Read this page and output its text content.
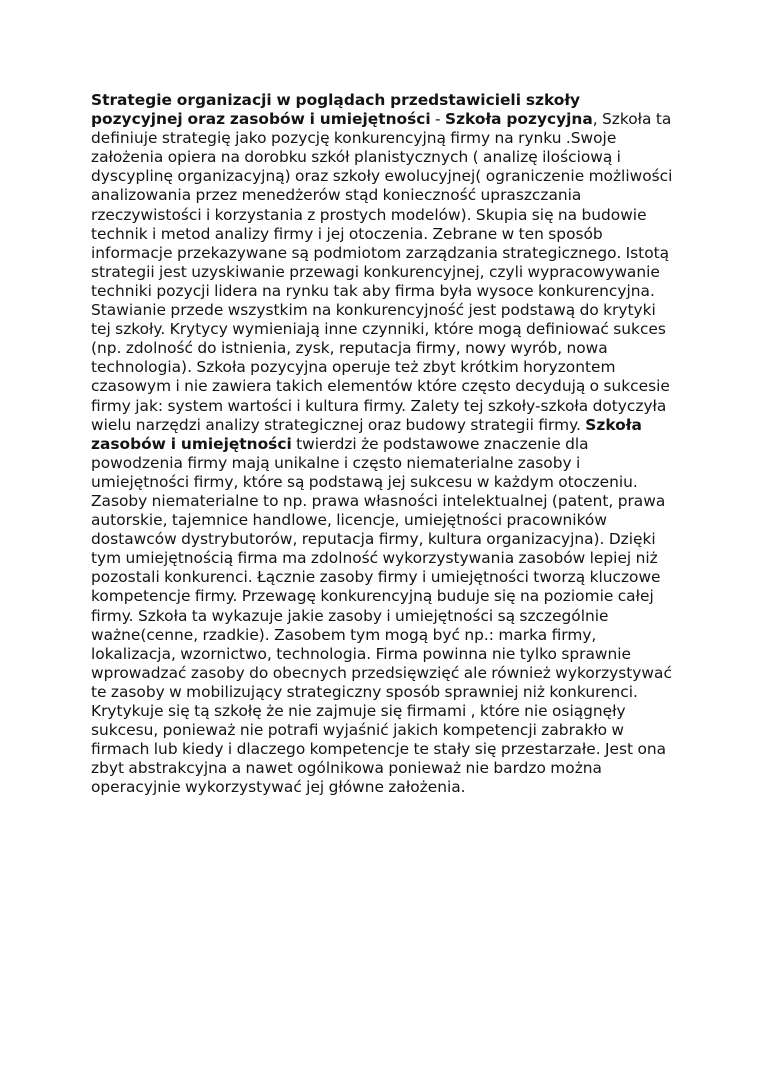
Strategie organizacji w poglądach przedstawicieli szkoły pozycyjnej oraz zasobów i umiejętności - Szkoła pozycyjna, Szkoła ta definiuje strategię jako pozycję konkurencyjną firmy na rynku .Swoje założenia opiera na dorobku szkół planistycznych ( analizę ilościową i dyscyplinę organizacyjną) oraz szkoły ewolucyjnej( ograniczenie możliwości analizowania przez menedżerów stąd konieczność upraszczania rzeczywistości i korzystania z prostych modelów). Skupia się na budowie technik i metod analizy firmy i jej otoczenia. Zebrane w ten sposób informacje przekazywane są podmiotom zarządzania strategicznego. Istotą strategii jest uzyskiwanie przewagi konkurencyjnej, czyli wypracowywanie techniki pozycji lidera na rynku tak aby firma była wysoce konkurencyjna. Stawianie przede wszystkim na konkurencyjność jest podstawą do krytyki tej szkoły. Krytycy wymieniają inne czynniki, które mogą definiować sukces (np. zdolność do istnienia, zysk, reputacja firmy, nowy wyrób, nowa technologia). Szkoła pozycyjna operuje też zbyt krótkim horyzontem czasowym i nie zawiera takich elementów które często decydują o sukcesie firmy jak: system wartości i kultura firmy. Zalety tej szkoły-szkoła dotyczyła wielu narzędzi analizy strategicznej oraz budowy strategii firmy. Szkoła zasobów i umiejętności twierdzi że podstawowe znaczenie dla powodzenia firmy mają unikalne i często niematerialne zasoby i umiejętności firmy, które są podstawą jej sukcesu w każdym otoczeniu. Zasoby niematerialne to np. prawa własności intelektualnej (patent, prawa autorskie, tajemnice handlowe, licencje, umiejętności pracowników dostawców dystrybutorów, reputacja firmy, kultura organizacyjna). Dzięki tym umiejętnością firma ma zdolność wykorzystywania zasobów lepiej niż pozostali konkurenci. Łącznie zasoby firmy i umiejętności tworzą kluczowe kompetencje firmy. Przewagę konkurencyjną buduje się na poziomie całej firmy. Szkoła ta wykazuje jakie zasoby i umiejętności są szczególnie ważne(cenne, rzadkie). Zasobem tym mogą być np.: marka firmy, lokalizacja, wzornictwo, technologia. Firma powinna nie tylko sprawnie wprowadzać zasoby do obecnych przedsięwzięć ale również wykorzystywać te zasoby w mobilizujący strategiczny sposób sprawniej niż konkurenci. Krytykuje się tą szkołę że nie zajmuje się firmami , które nie osiągnęły sukcesu, ponieważ nie potrafi wyjaśnić jakich kompetencji zabrakło w firmach lub kiedy i dlaczego kompetencje te stały się przestarzałe. Jest ona zbyt abstrakcyjna a nawet ogólnikowa ponieważ nie bardzo można operacyjnie wykorzystywać jej główne założenia.
